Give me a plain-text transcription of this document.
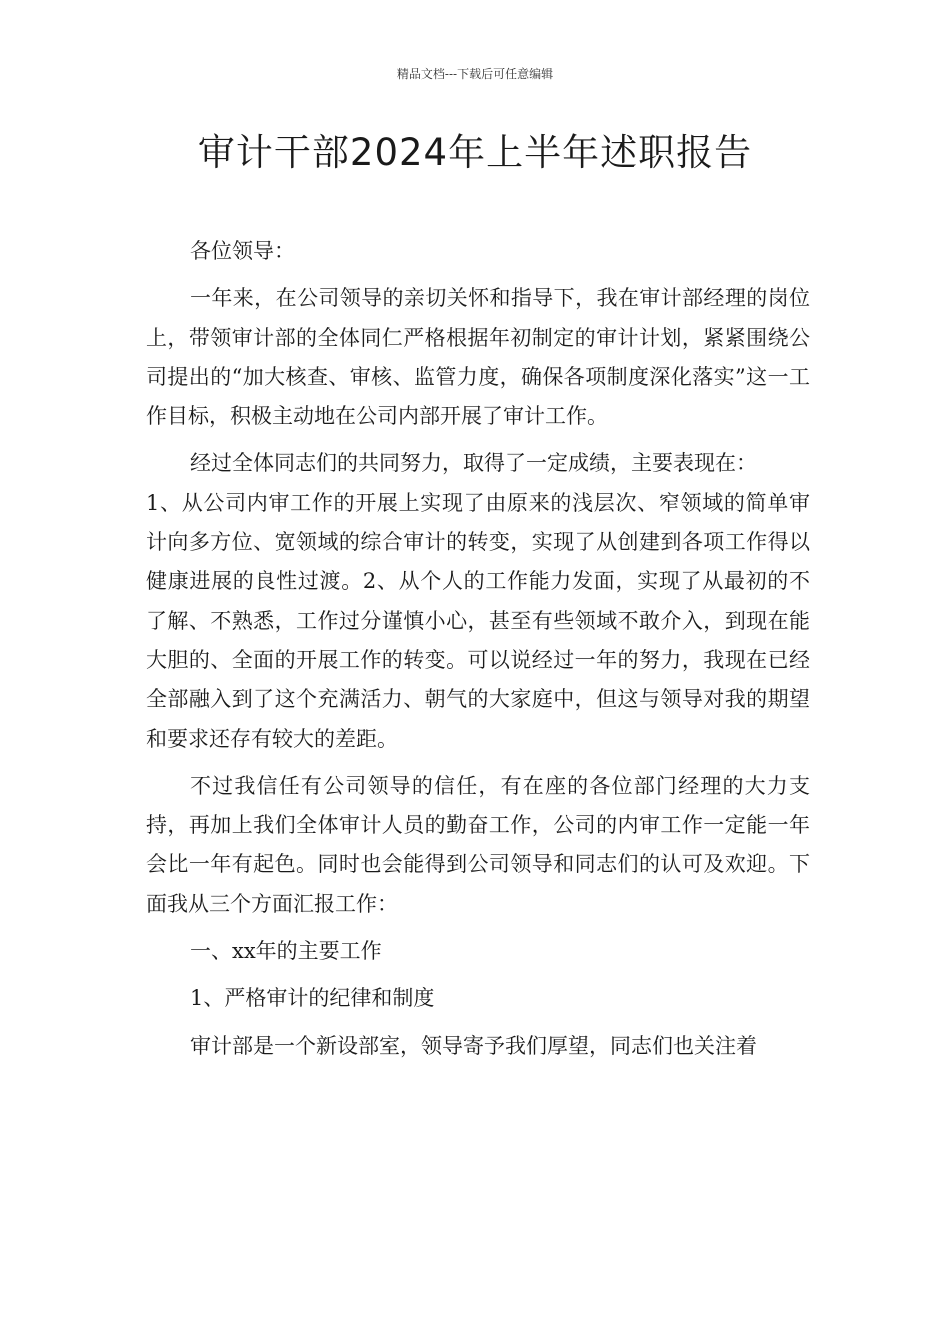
精品文档---下载后可任意编辑
审计干部2024年上半年述职报告

各位领导：

一年来，在公司领导的亲切关怀和指导下，我在审计部经理的岗位上，带领审计部的全体同仁严格根据年初制定的审计计划，紧紧围绕公司提出的“加大核查、审核、监管力度，确保各项制度深化落实”这一工作目标，积极主动地在公司内部开展了审计工作。

经过全体同志们的共同努力，取得了一定成绩，主要表现在：

1、从公司内审工作的开展上实现了由原来的浅层次、窄领域的简单审计向多方位、宽领域的综合审计的转变，实现了从创建到各项工作得以健康进展的良性过渡。2、从个人的工作能力发面，实现了从最初的不了解、不熟悉，工作过分谨慎小心，甚至有些领域不敢介入，到现在能大胆的、全面的开展工作的转变。可以说经过一年的努力，我现在已经全部融入到了这个充满活力、朝气的大家庭中，但这与领导对我的期望和要求还存有较大的差距。

不过我信任有公司领导的信任，有在座的各位部门经理的大力支持，再加上我们全体审计人员的勤奋工作，公司的内审工作一定能一年会比一年有起色。同时也会能得到公司领导和同志们的认可及欢迎。下面我从三个方面汇报工作：

一、xx年的主要工作

1、严格审计的纪律和制度

审计部是一个新设部室，领导寄予我们厚望，同志们也关注着
